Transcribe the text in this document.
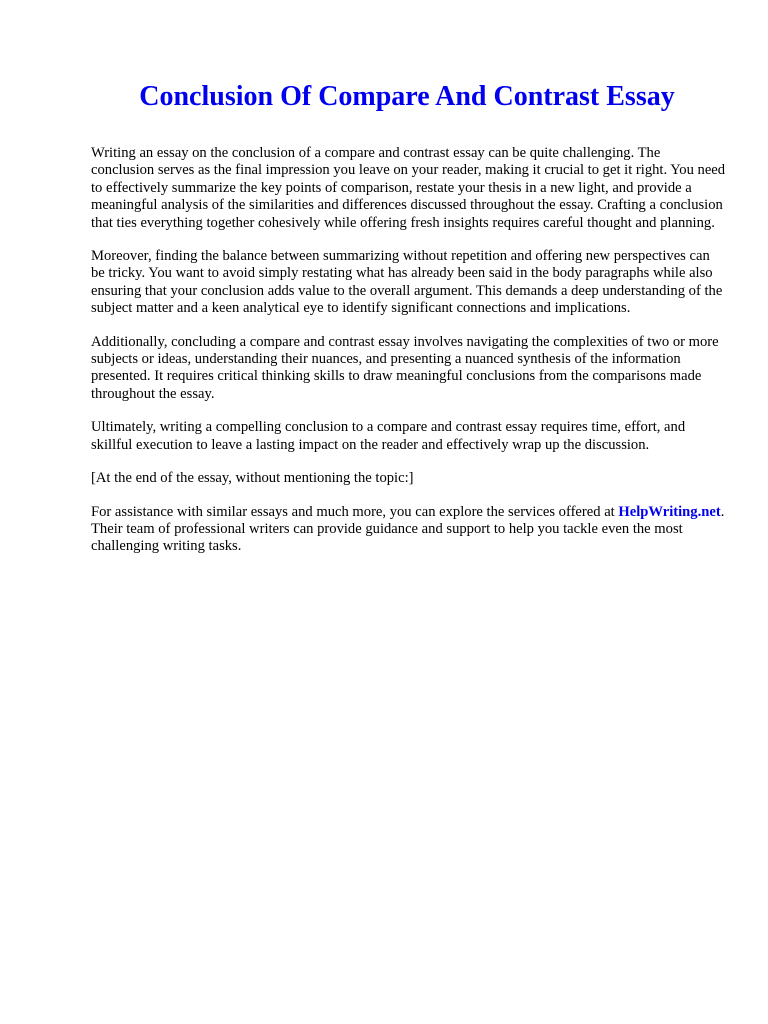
Conclusion Of Compare And Contrast Essay

Writing an essay on the conclusion of a compare and contrast essay can be quite challenging. The conclusion serves as the final impression you leave on your reader, making it crucial to get it right. You need to effectively summarize the key points of comparison, restate your thesis in a new light, and provide a meaningful analysis of the similarities and differences discussed throughout the essay. Crafting a conclusion that ties everything together cohesively while offering fresh insights requires careful thought and planning.

Moreover, finding the balance between summarizing without repetition and offering new perspectives can be tricky. You want to avoid simply restating what has already been said in the body paragraphs while also ensuring that your conclusion adds value to the overall argument. This demands a deep understanding of the subject matter and a keen analytical eye to identify significant connections and implications.

Additionally, concluding a compare and contrast essay involves navigating the complexities of two or more subjects or ideas, understanding their nuances, and presenting a nuanced synthesis of the information presented. It requires critical thinking skills to draw meaningful conclusions from the comparisons made throughout the essay.

Ultimately, writing a compelling conclusion to a compare and contrast essay requires time, effort, and skillful execution to leave a lasting impact on the reader and effectively wrap up the discussion.

[At the end of the essay, without mentioning the topic:]

For assistance with similar essays and much more, you can explore the services offered at HelpWriting.net. Their team of professional writers can provide guidance and support to help you tackle even the most challenging writing tasks.
